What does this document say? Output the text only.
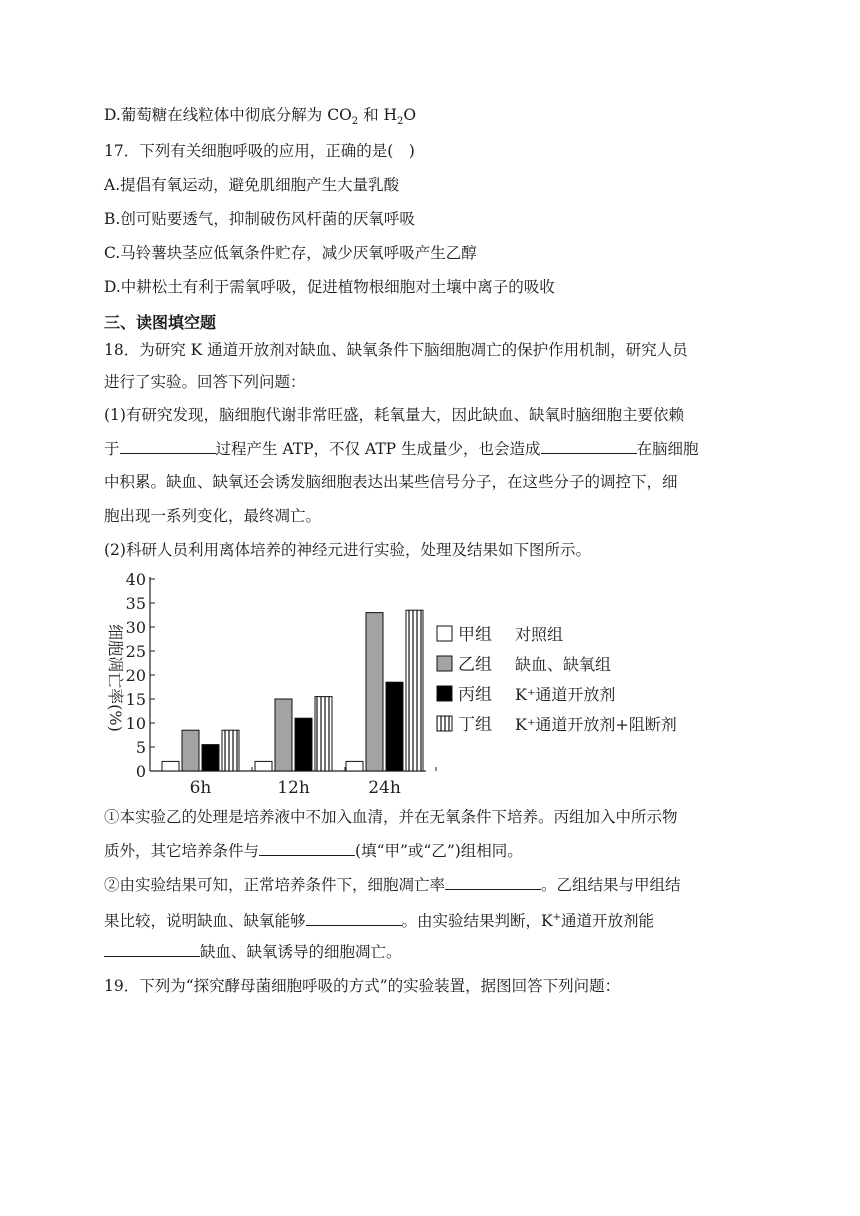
D.葡萄糖在线粒体中彻底分解为 $CO_2$ 和 $H_2O$
17．下列有关细胞呼吸的应用，正确的是(　)
A.提倡有氧运动，避免肌细胞产生大量乳酸
B.创可贴要透气，抑制破伤风杆菌的厌氧呼吸
C.马铃薯块茎应低氧条件贮存，减少厌氧呼吸产生乙醇
D.中耕松土有利于需氧呼吸，促进植物根细胞对土壤中离子的吸收
三、读图填空题
18．为研究 K 通道开放剂对缺血、缺氧条件下脑细胞凋亡的保护作用机制，研究人员
进行了实验。回答下列问题：
(1)有研究发现，脑细胞代谢非常旺盛，耗氧量大，因此缺血、缺氧时脑细胞主要依赖
于	过程产生 ATP，不仅 ATP 生成量少，也会造成	在脑细胞
中积累。缺血、缺氧还会诱发脑细胞表达出某些信号分子，在这些分子的调控下，细
胞出现一系列变化，最终凋亡。
(2)科研人员利用离体培养的神经元进行实验，处理及结果如下图所示。
0
5
10
15
20
25
30
35
40
细胞凋亡率(%)
6h	12h	24h
甲组 对照组
乙组 缺血、缺氧组
丙组 K⁺通道开放剂
丁组 K⁺通道开放剂+阻断剂
①本实验乙的处理是培养液中不加入血清，并在无氧条件下培养。丙组加入中所示物
质外，其它培养条件与	(填“甲”或“乙”)组相同。
②由实验结果可知，正常培养条件下，细胞凋亡率	。乙组结果与甲组结
果比较，说明缺血、缺氧能够	。由实验结果判断，K+通道开放剂能
缺血、缺氧诱导的细胞凋亡。
19．下列为“探究酵母菌细胞呼吸的方式”的实验装置，据图回答下列问题：
